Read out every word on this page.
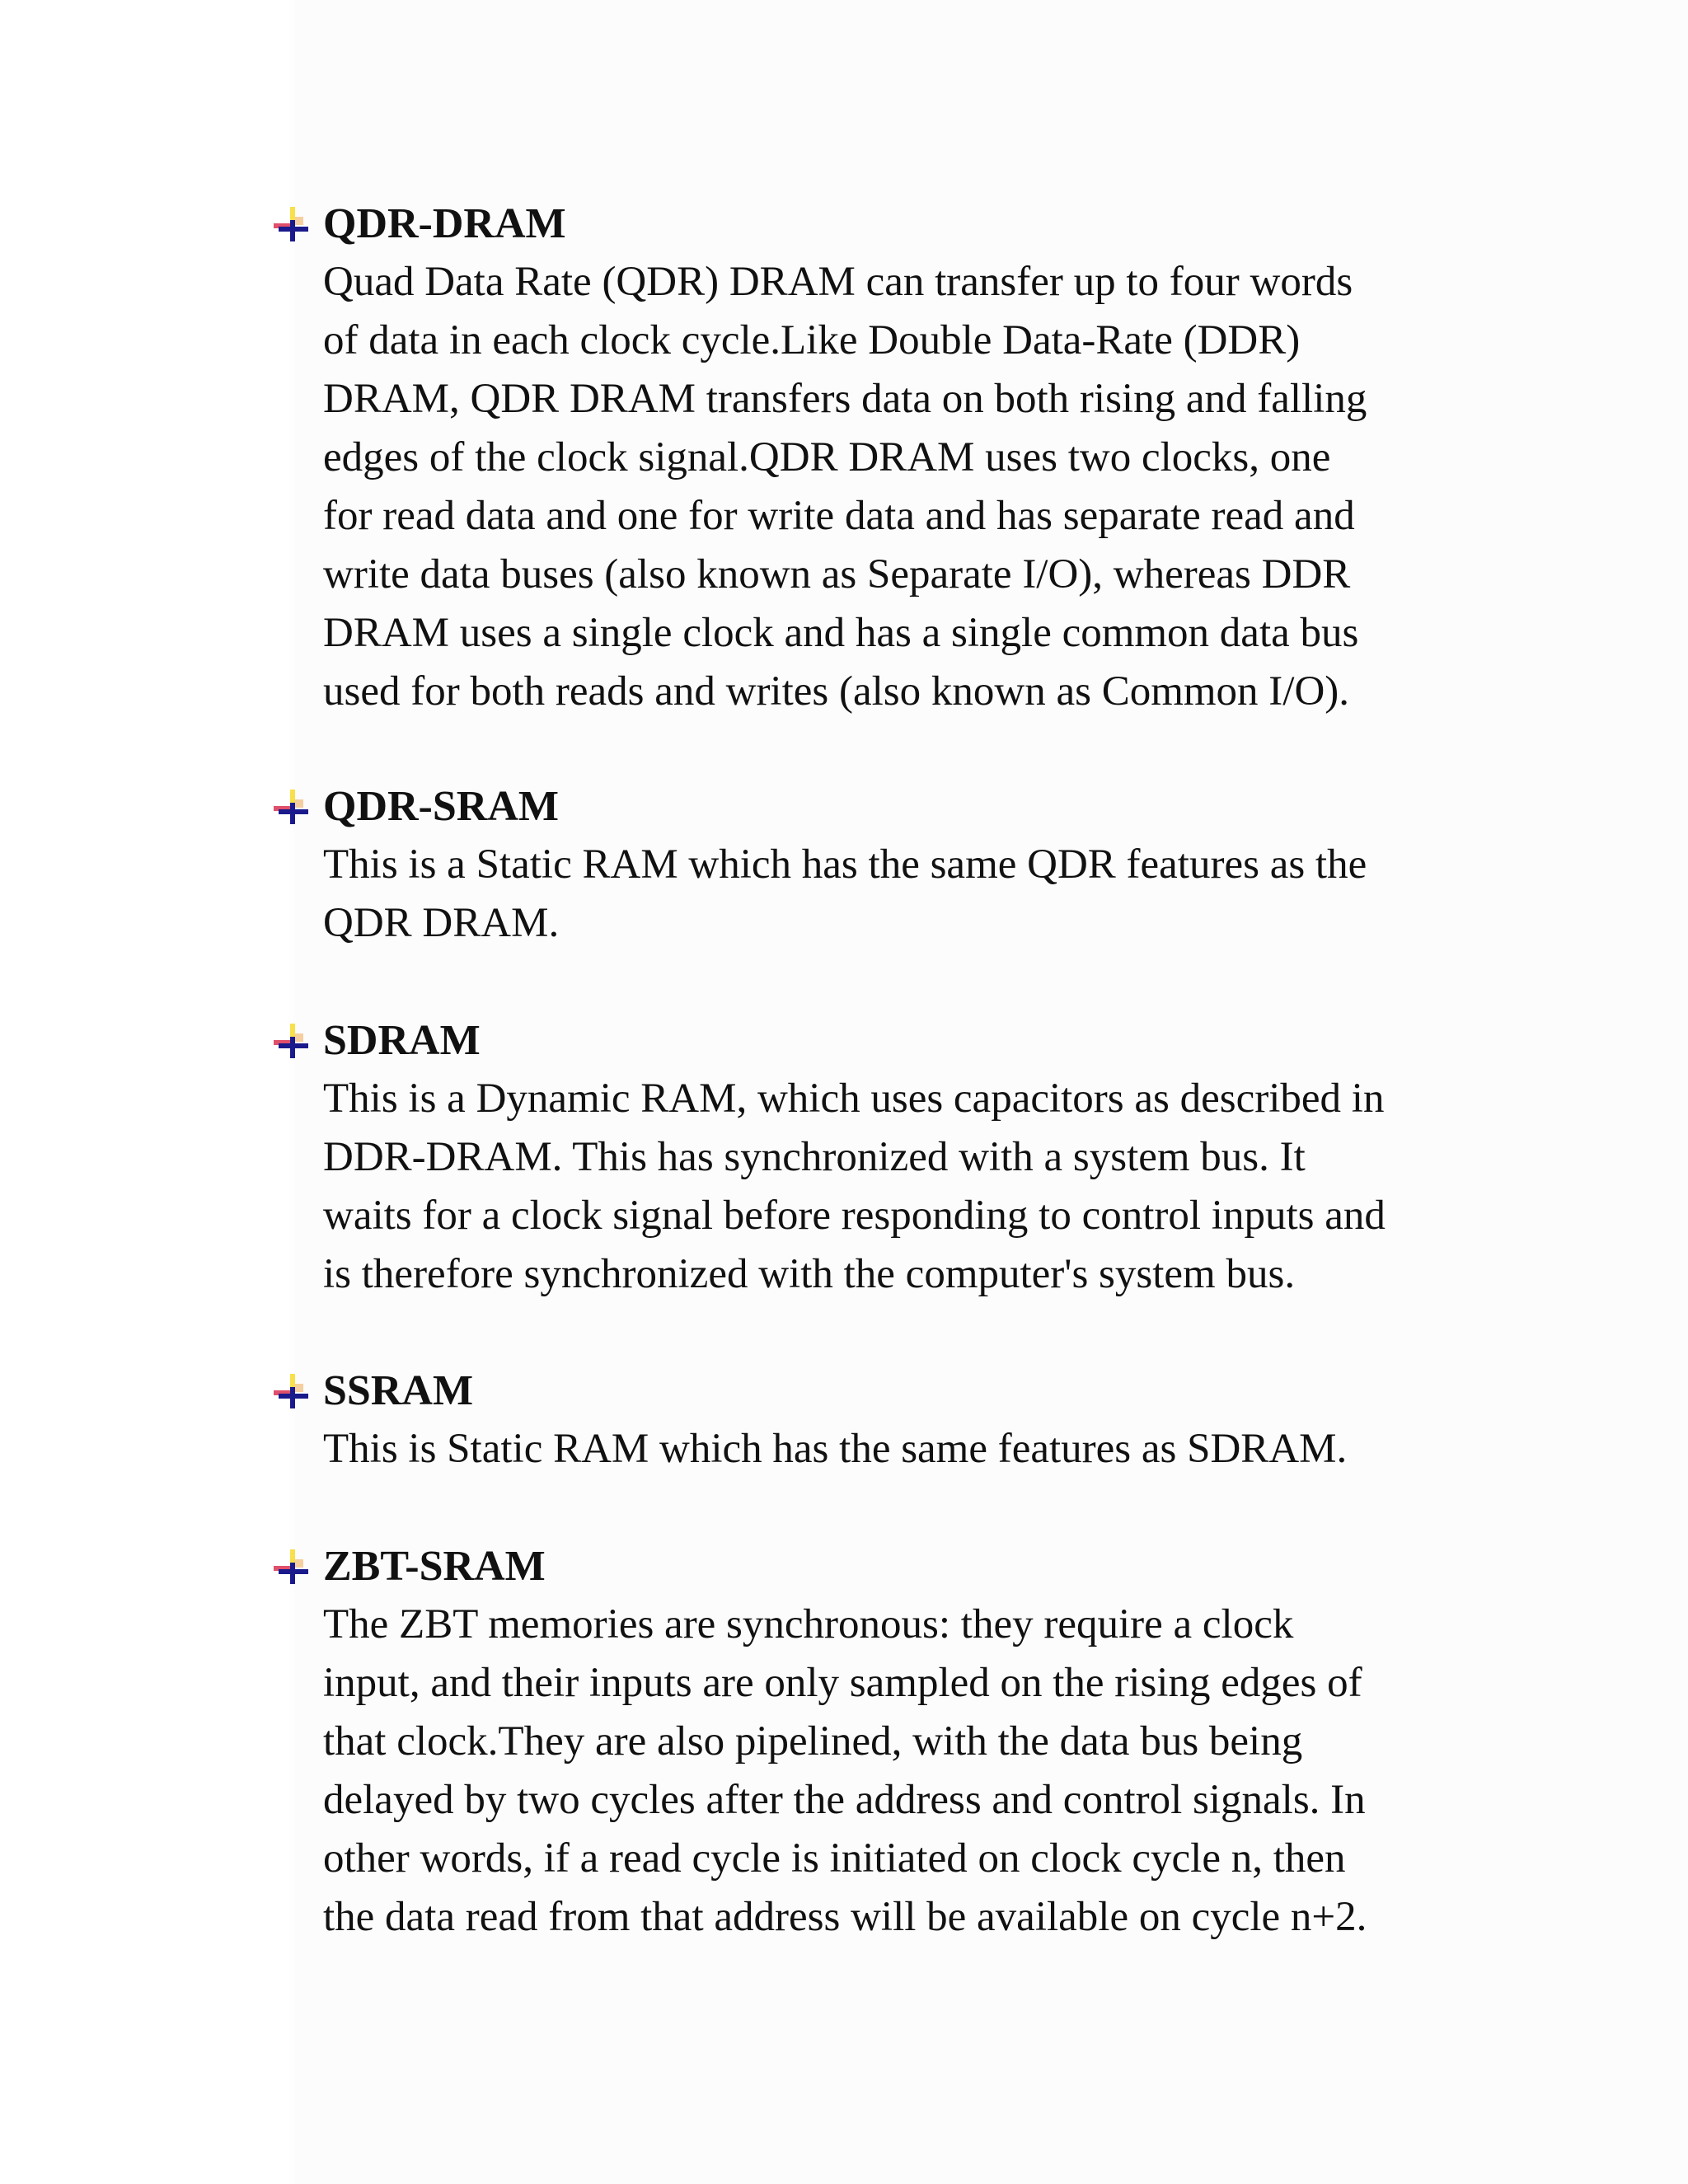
QDR-DRAM
Quad Data Rate (QDR) DRAM can transfer up to four words
of data in each clock cycle.Like Double Data-Rate (DDR)
DRAM, QDR DRAM transfers data on both rising and falling
edges of the clock signal.QDR DRAM uses two clocks, one
for read data and one for write data and has separate read and
write data buses (also known as Separate I/O), whereas DDR
DRAM uses a single clock and has a single common data bus
used for both reads and writes (also known as Common I/O).
QDR-SRAM
This is a Static RAM which has the same QDR features as the
QDR DRAM.
SDRAM
This is a Dynamic RAM, which uses capacitors as described in
DDR-DRAM. This has synchronized with a system bus. It
waits for a clock signal before responding to control inputs and
is therefore synchronized with the computer's system bus.
SSRAM
This is Static RAM which has the same features as SDRAM.
ZBT-SRAM
The ZBT memories are synchronous: they require a clock
input, and their inputs are only sampled on the rising edges of
that clock.They are also pipelined, with the data bus being
delayed by two cycles after the address and control signals. In
other words, if a read cycle is initiated on clock cycle n, then
the data read from that address will be available on cycle n+2.
